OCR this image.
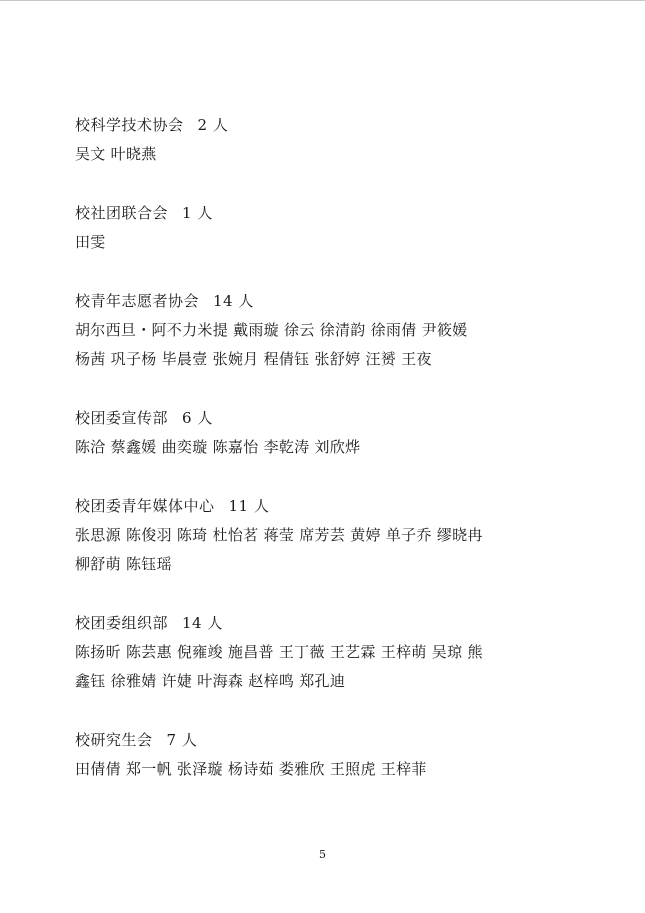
校科学技术协会 2 人
吴文 叶晓燕
校社团联合会 1 人
田雯
校青年志愿者协会 14 人
胡尔西旦・阿不力米提 戴雨璇 徐云 徐清韵 徐雨倩 尹筱媛
杨茜 巩子杨 毕晨壹 张婉月 程倩钰 张舒婷 汪赟 王夜
校团委宣传部 6 人
陈洽 蔡鑫媛 曲奕璇 陈嘉怡 李乾涛 刘欣烨
校团委青年媒体中心 11 人
张思源 陈俊羽 陈琦 杜怡茗 蒋莹 席芳芸 黄婷 单子乔 缪晓冉
柳舒萌 陈钰瑶
校团委组织部 14 人
陈扬昕 陈芸惠 倪雍竣 施昌普 王丁薇 王艺霖 王梓萌 吴琼 熊
鑫钰 徐雅婧 许婕 叶海森 赵梓鸣 郑孔迪
校研究生会 7 人
田倩倩 郑一帆 张泽璇 杨诗茹 娄雅欣 王照虎 王梓菲
5
